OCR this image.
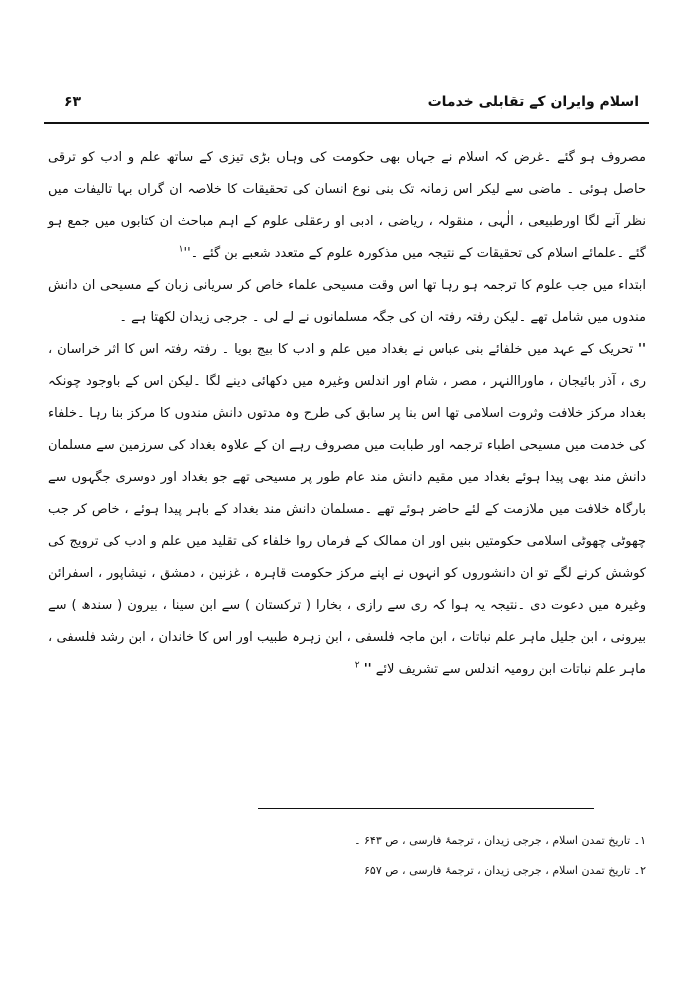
اسلام وایران کے تقابلی خدمات
۶۳

مصروف ہو گئے ۔غرض کہ اسلام نے جہاں بھی حکومت کی وہاں بڑی تیزی کے ساتھ علم و ادب کو ترقی حاصل ہوئی ۔ ماضی سے لیکر اس زمانہ تک بنی نوع انسان کی تحقیقات کا خلاصہ ان گراں بہا تالیفات میں نظر آنے لگا اورطبیعی ، الٰہی ، منقولہ ، ریاضی ، ادبی او رعقلی علوم کے اہم مباحث ان کتابوں میں جمع ہو گئے ۔علمائے اسلام کی تحقیقات کے نتیجہ میں مذکورہ علوم کے متعدد شعبے بن گئے ۔''$^۱$

ابتداء میں جب علوم کا ترجمہ ہو رہا تھا اس وقت مسیحی علماء خاص کر سریانی زبان کے مسیحی ان دانش مندوں میں شامل تھے ۔لیکن رفتہ رفتہ ان کی جگہ مسلمانوں نے لے لی ۔ جرجی زیدان لکھتا ہے ۔

'' تحریک کے عہد میں خلفائے بنی عباس نے بغداد میں علم و ادب کا بیج بویا ۔ رفتہ رفتہ اس کا اثر خراسان ، ری ، آذر بائیجان ، ماوراالنہر ، مصر ، شام اور اندلس وغیرہ میں دکھائی دینے لگا ۔لیکن اس کے باوجود چونکہ بغداد مرکز خلافت وثروت اسلامی تھا اس بنا پر سابق کی طرح وہ مدتوں دانش مندوں کا مرکز بنا رہا ۔خلفاء کی خدمت میں مسیحی اطباء ترجمہ اور طبابت میں مصروف رہے ان کے علاوہ بغداد کی سرزمین سے مسلمان دانش مند بھی پیدا ہوئے بغداد میں مقیم دانش مند عام طور پر مسیحی تھے جو بغداد اور دوسری جگہوں سے بارگاہ خلافت میں ملازمت کے لئے حاضر ہوئے تھے ۔مسلمان دانش مند بغداد کے باہر پیدا ہوئے ، خاص کر جب چھوٹی چھوٹی اسلامی حکومتیں بنیں اور ان ممالک کے فرماں روا خلفاء کی تقلید میں علم و ادب کی ترویج کی کوشش کرنے لگے تو ان دانشوروں کو انہوں نے اپنے مرکز حکومت قاہرہ ، غزنین ، دمشق ، نیشاپور ، اسفرائن وغیرہ میں دعوت دی ۔نتیجہ یہ ہوا کہ ری سے رازی ، بخارا ( ترکستان ) سے ابن سینا ، بیرون ( سندھ ) سے بیرونی ، ابن جلیل ماہر علم نباتات ، ابن ماجہ فلسفی ، ابن زہرہ طبیب اور اس کا خاندان ، ابن رشد فلسفی ، ماہر علم نباتات ابن رومیہ اندلس سے تشریف لائے '' $^۲$

۱۔ تاریخ تمدن اسلام ، جرجی زیدان ، ترجمۂ فارسی ، ص ۶۴۳ ۔

۲۔ تاریخ تمدن اسلام ، جرجی زیدان ، ترجمۂ فارسی ، ص ۶۵۷
